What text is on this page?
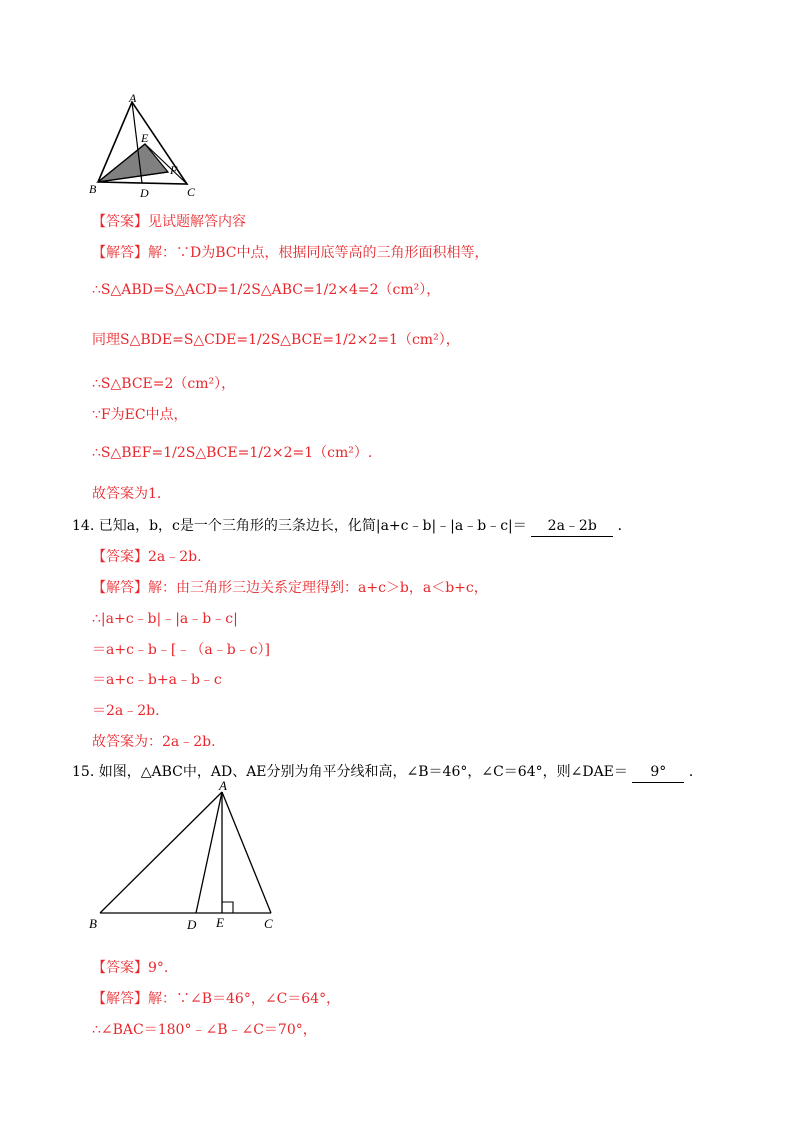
A
E
F
B	D	C
【答案】见试题解答内容
【解答】解：∵D为BC中点，根据同底等高的三角形面积相等，
∴S△ABD=S△ACD=1/2S△ABC=1/2×4=2（cm²），
同理S△BDE=S△CDE=1/2S△BCE=1/2×2=1（cm²），
∴S△BCE=2（cm²），
∵F为EC中点，
∴S△BEF=1/2S△BCE=1/2×2=1（cm²）.
故答案为1.
14. 已知a，b，c是一个三角形的三条边长，化简|a+c﹣b|﹣|a﹣b﹣c|＝ 2a﹣2b ．
【答案】2a﹣2b.
【解答】解：由三角形三边关系定理得到：a+c＞b，a＜b+c，
∴|a+c﹣b|﹣|a﹣b﹣c|
＝a+c﹣b﹣[﹣（a﹣b﹣c）]
＝a+c﹣b+a﹣b﹣c
＝2a﹣2b.
故答案为：2a﹣2b.
15. 如图，△ABC中，AD、AE分别为角平分线和高，∠B＝46°，∠C＝64°，则∠DAE＝ 9° ．
A
B	D E	C
【答案】9°.
【解答】解：∵∠B＝46°，∠C＝64°，
∴∠BAC＝180°﹣∠B﹣∠C＝70°，
